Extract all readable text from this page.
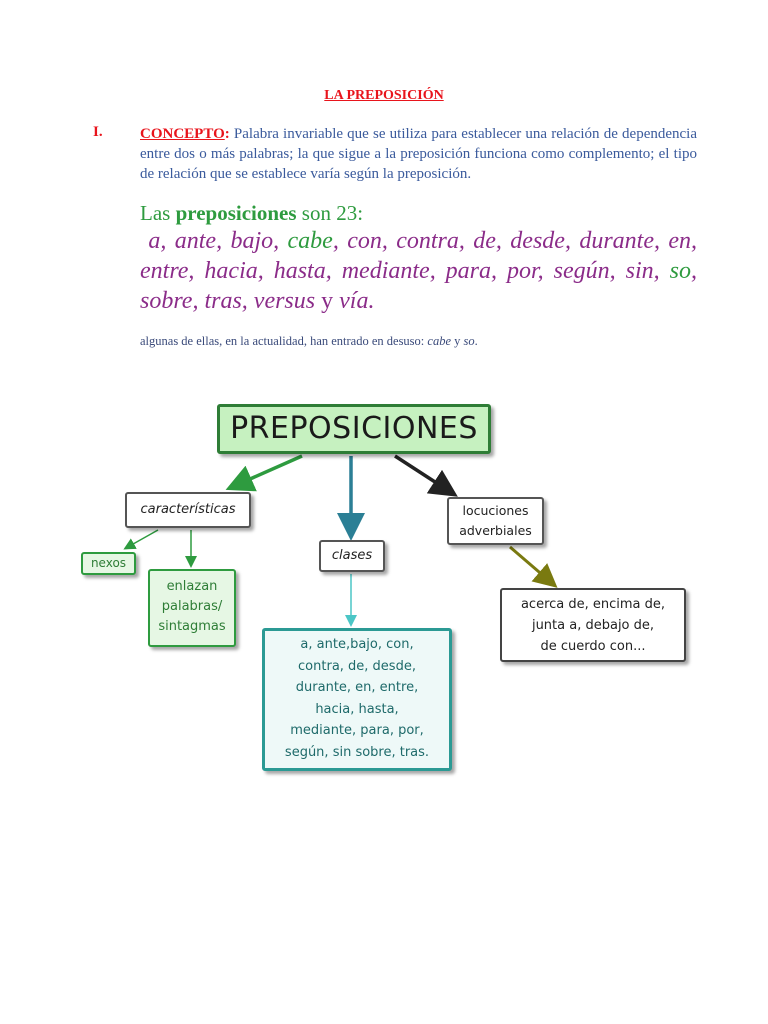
LA PREPOSICIÓN
I. CONCEPTO: Palabra invariable que se utiliza para establecer una relación de dependencia entre dos o más palabras; la que sigue a la preposición funciona como complemento; el tipo de relación que se establece varía según la preposición.
Las preposiciones son 23:
a, ante, bajo, cabe, con, contra, de, desde, durante, en, entre, hacia, hasta, mediante, para, por, según, sin, so, sobre, tras, versus y vía.
algunas de ellas, en la actualidad, han entrado en desuso: cabe y so.
PREPOSICIONES
características
nexos
enlazan
palabras/
sintagmas
clases
a, ante,bajo, con,
contra, de, desde,
durante, en, entre,
hacia, hasta,
mediante, para, por,
según, sin sobre, tras.
locuciones
adverbiales
acerca de, encima de,
junta a, debajo de,
de cuerdo con...
